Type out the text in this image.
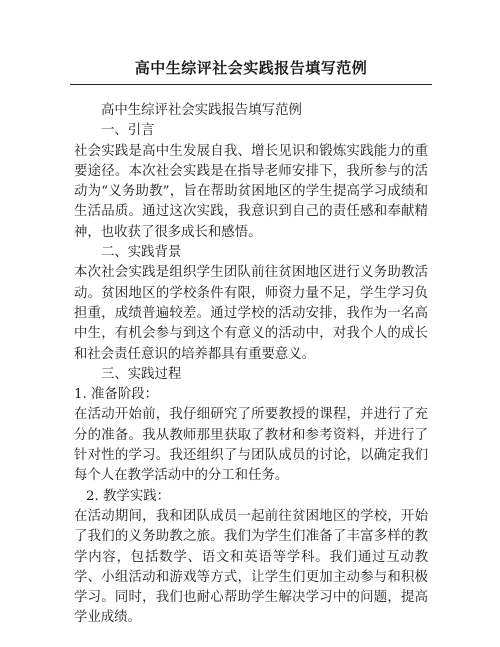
高中生综评社会实践报告填写范例

高中生综评社会实践报告填写范例

一、引言

社会实践是高中生发展自我、增长见识和锻炼实践能力的重要途径。本次社会实践是在指导老师安排下，我所参与的活动为“义务助教”，旨在帮助贫困地区的学生提高学习成绩和生活品质。通过这次实践，我意识到自己的责任感和奉献精神，也收获了很多成长和感悟。

二、实践背景

本次社会实践是组织学生团队前往贫困地区进行义务助教活动。贫困地区的学校条件有限，师资力量不足，学生学习负担重，成绩普遍较差。通过学校的活动安排，我作为一名高中生，有机会参与到这个有意义的活动中，对我个人的成长和社会责任意识的培养都具有重要意义。

三、实践过程

1. 准备阶段：

在活动开始前，我仔细研究了所要教授的课程，并进行了充分的准备。我从教师那里获取了教材和参考资料，并进行了针对性的学习。我还组织了与团队成员的讨论，以确定我们每个人在教学活动中的分工和任务。

2. 教学实践：

在活动期间，我和团队成员一起前往贫困地区的学校，开始了我们的义务助教之旅。我们为学生们准备了丰富多样的教学内容，包括数学、语文和英语等学科。我们通过互动教学、小组活动和游戏等方式，让学生们更加主动参与和积极学习。同时，我们也耐心帮助学生解决学习中的问题，提高学业成绩。
